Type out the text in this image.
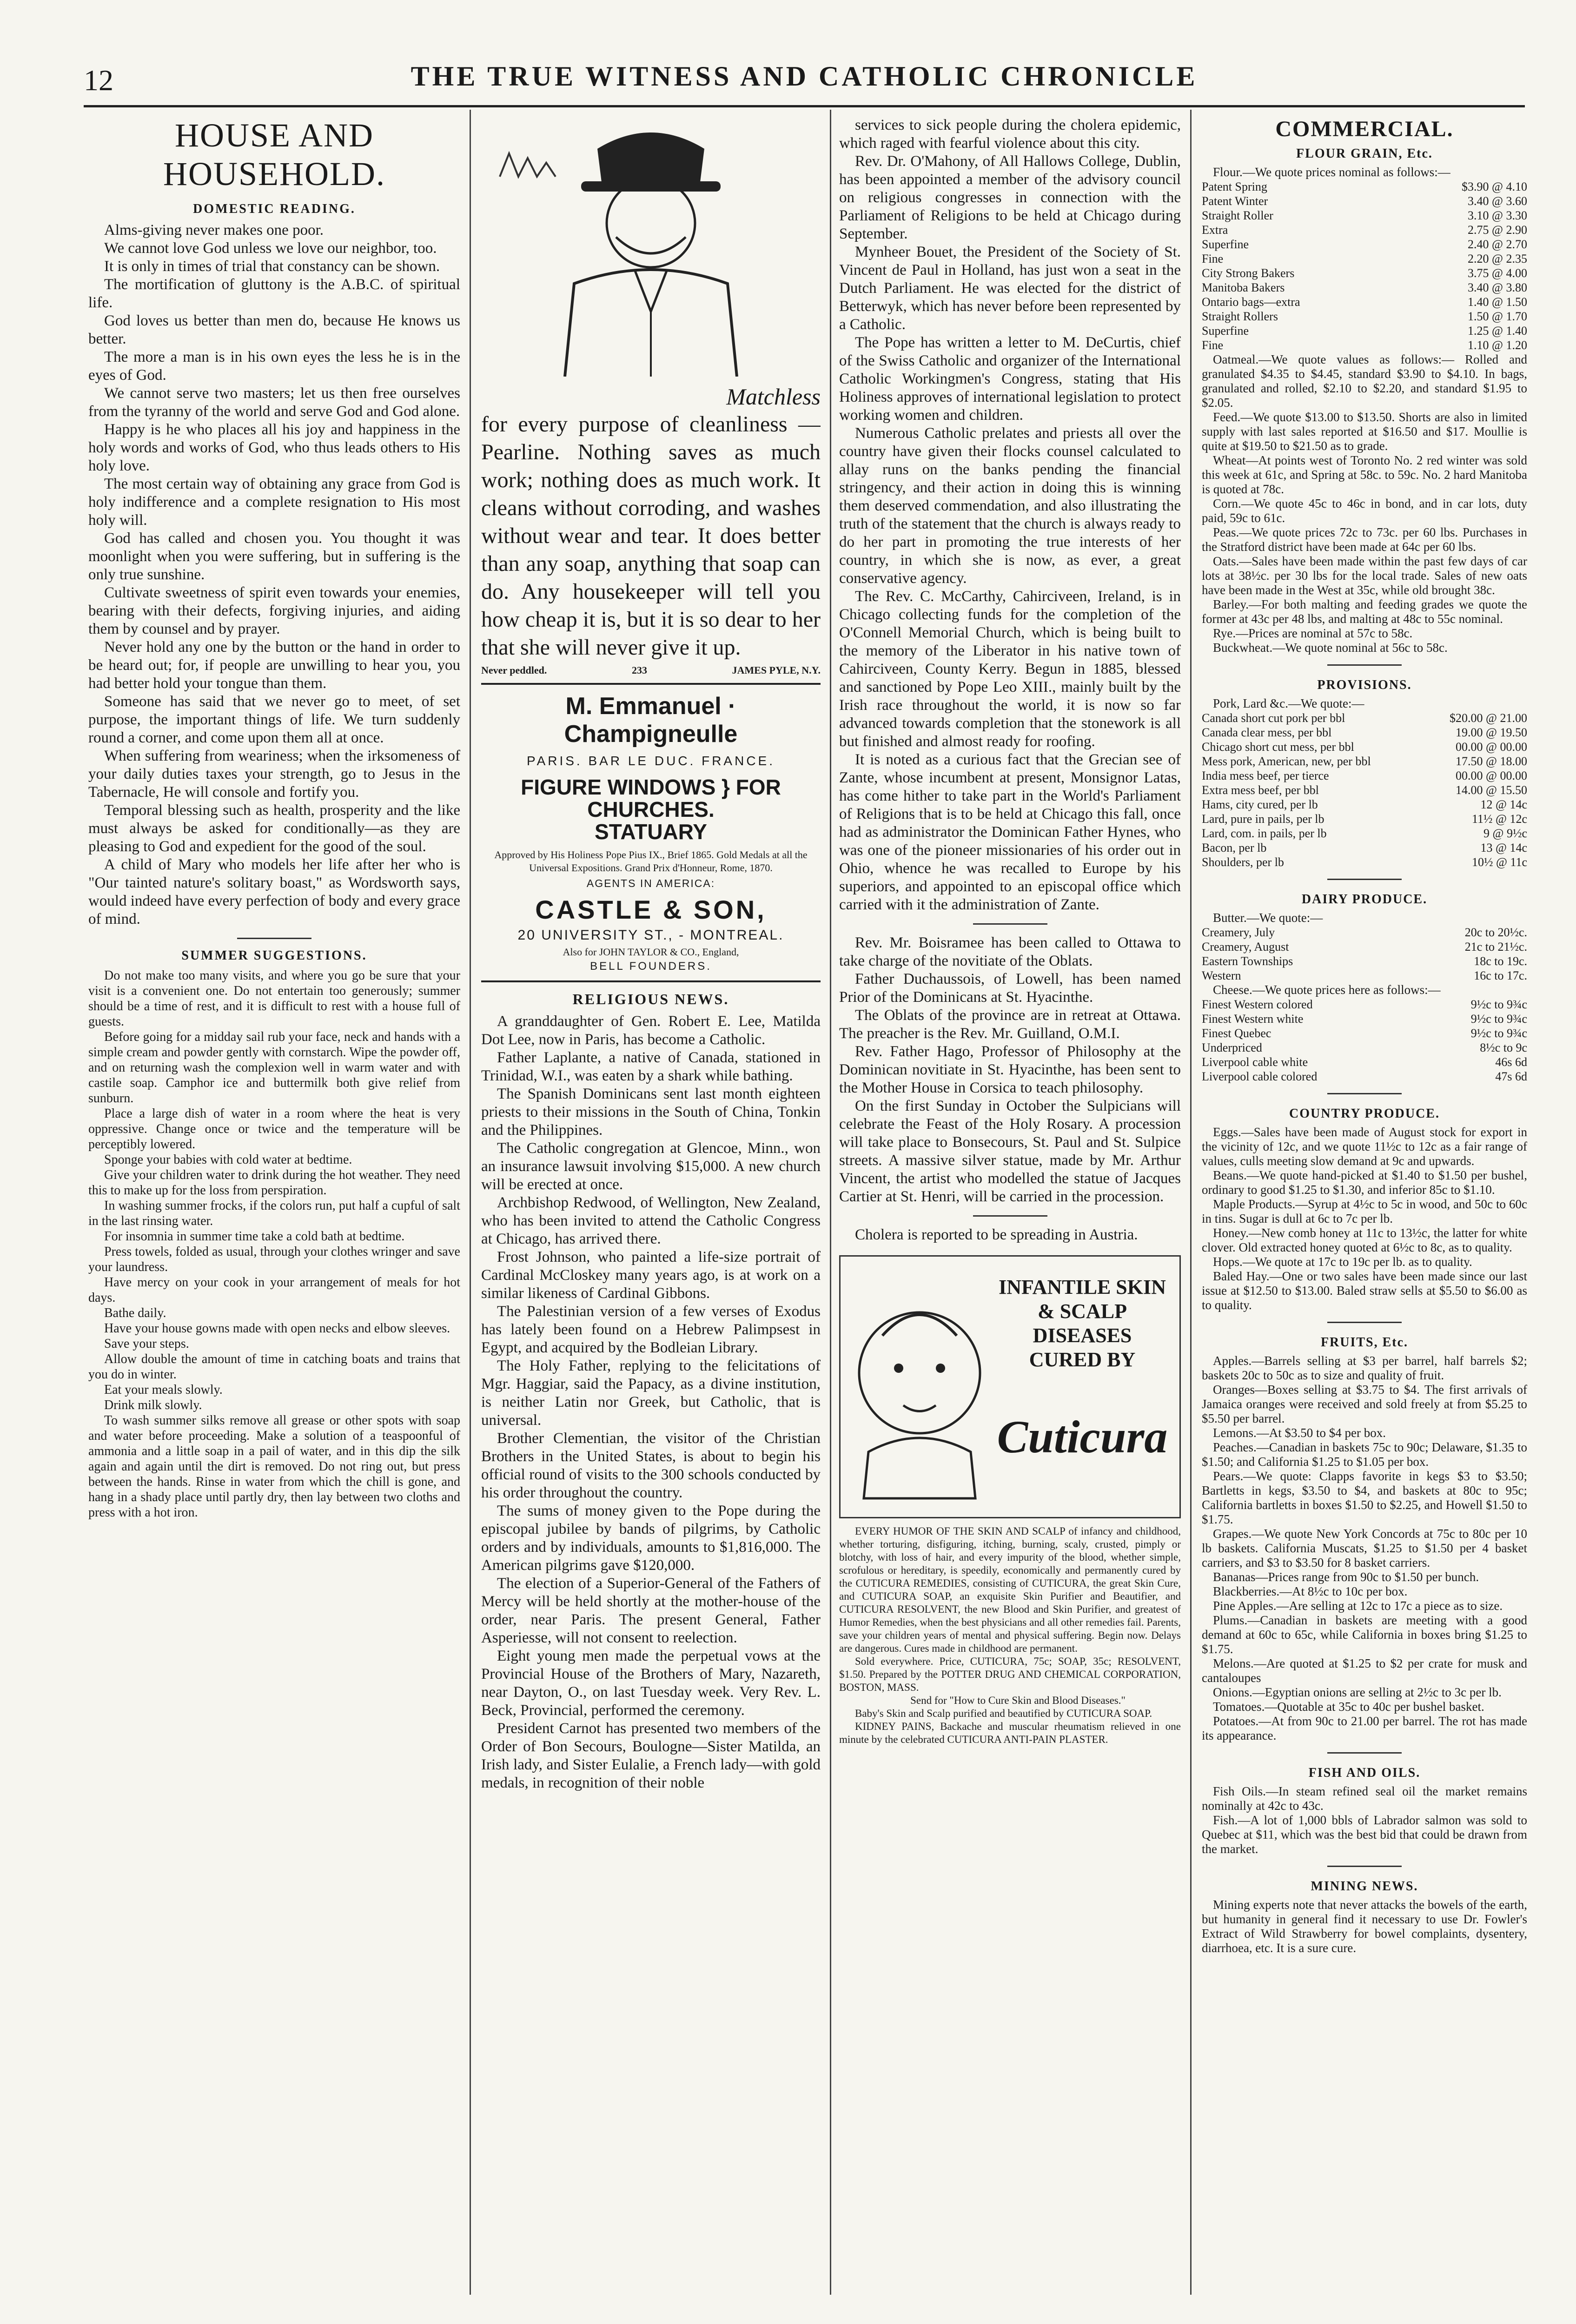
12	THE TRUE WITNESS AND CATHOLIC CHRONICLE
HOUSE AND HOUSEHOLD.
DOMESTIC READING.

Alms-giving never makes one poor.

We cannot love God unless we love our neighbor, too.

It is only in times of trial that constancy can be shown.

The mortification of gluttony is the A.B.C. of spiritual life.

God loves us better than men do, because He knows us better.

The more a man is in his own eyes the less he is in the eyes of God.

We cannot serve two masters; let us then free ourselves from the tyranny of the world and serve God and God alone.

Happy is he who places all his joy and happiness in the holy words and works of God, who thus leads others to His holy love.

The most certain way of obtaining any grace from God is holy indifference and a complete resignation to His most holy will.

God has called and chosen you. You thought it was moonlight when you were suffering, but in suffering is the only true sunshine.

Cultivate sweetness of spirit even towards your enemies, bearing with their defects, forgiving injuries, and aiding them by counsel and by prayer.

Never hold any one by the button or the hand in order to be heard out; for, if people are unwilling to hear you, you had better hold your tongue than them.

Someone has said that we never go to meet, of set purpose, the important things of life. We turn suddenly round a corner, and come upon them all at once.

When suffering from weariness; when the irksomeness of your daily duties taxes your strength, go to Jesus in the Tabernacle, He will console and fortify you.

Temporal blessing such as health, prosperity and the like must always be asked for conditionally—as they are pleasing to God and expedient for the good of the soul.

A child of Mary who models her life after her who is "Our tainted nature's solitary boast," as Wordsworth says, would indeed have every perfection of body and every grace of mind.

SUMMER SUGGESTIONS.

Do not make too many visits, and where you go be sure that your visit is a convenient one. Do not entertain too generously; summer should be a time of rest, and it is difficult to rest with a house full of guests.

Before going for a midday sail rub your face, neck and hands with a simple cream and powder gently with cornstarch. Wipe the powder off, and on returning wash the complexion well in warm water and with castile soap. Camphor ice and buttermilk both give relief from sunburn.

Place a large dish of water in a room where the heat is very oppressive. Change once or twice and the temperature will be perceptibly lowered.

Sponge your babies with cold water at bedtime.

Give your children water to drink during the hot weather. They need this to make up for the loss from perspiration.

In washing summer frocks, if the colors run, put half a cupful of salt in the last rinsing water.

For insomnia in summer time take a cold bath at bedtime.

Press towels, folded as usual, through your clothes wringer and save your laundress.

Have mercy on your cook in your arrangement of meals for hot days.

Bathe daily.

Have your house gowns made with open necks and elbow sleeves.

Save your steps.

Allow double the amount of time in catching boats and trains that you do in winter.

Eat your meals slowly.

Drink milk slowly.

To wash summer silks remove all grease or other spots with soap and water before proceeding. Make a solution of a teaspoonful of ammonia and a little soap in a pail of water, and in this dip the silk again and again until the dirt is removed. Do not ring out, but press between the hands. Rinse in water from which the chill is gone, and hang in a shady place until partly dry, then lay between two cloths and press with a hot iron.

Matchless

for every purpose of cleanliness — Pearline. Nothing saves as much work; nothing does as much work. It cleans without corroding, and washes without wear and tear. It does better than any soap, anything that soap can do. Any housekeeper will tell you how cheap it is, but it is so dear to her that she will never give it up.

Never peddled.	233	JAMES PYLE, N.Y.
M. Emmanuel · Champigneulle
PARIS. BAR LE DUC. FRANCE.
FIGURE WINDOWS } FOR CHURCHES.
STATUARY
Approved by His Holiness Pope Pius IX., Brief 1865. Gold Medals at all the Universal Expositions. Grand Prix d'Honneur, Rome, 1870.
AGENTS IN AMERICA:
CASTLE & SON,
20 UNIVERSITY ST., - MONTREAL.
Also for JOHN TAYLOR & CO., England,
BELL FOUNDERS.
RELIGIOUS NEWS.

A granddaughter of Gen. Robert E. Lee, Matilda Dot Lee, now in Paris, has become a Catholic.

Father Laplante, a native of Canada, stationed in Trinidad, W.I., was eaten by a shark while bathing.

The Spanish Dominicans sent last month eighteen priests to their missions in the South of China, Tonkin and the Philippines.

The Catholic congregation at Glencoe, Minn., won an insurance lawsuit involving $15,000. A new church will be erected at once.

Archbishop Redwood, of Wellington, New Zealand, who has been invited to attend the Catholic Congress at Chicago, has arrived there.

Frost Johnson, who painted a life-size portrait of Cardinal McCloskey many years ago, is at work on a similar likeness of Cardinal Gibbons.

The Palestinian version of a few verses of Exodus has lately been found on a Hebrew Palimpsest in Egypt, and acquired by the Bodleian Library.

The Holy Father, replying to the felicitations of Mgr. Haggiar, said the Papacy, as a divine institution, is neither Latin nor Greek, but Catholic, that is universal.

Brother Clementian, the visitor of the Christian Brothers in the United States, is about to begin his official round of visits to the 300 schools conducted by his order throughout the country.

The sums of money given to the Pope during the episcopal jubilee by bands of pilgrims, by Catholic orders and by individuals, amounts to $1,816,000. The American pilgrims gave $120,000.

The election of a Superior-General of the Fathers of Mercy will be held shortly at the mother-house of the order, near Paris. The present General, Father Asperiesse, will not consent to reelection.

Eight young men made the perpetual vows at the Provincial House of the Brothers of Mary, Nazareth, near Dayton, O., on last Tuesday week. Very Rev. L. Beck, Provincial, performed the ceremony.

President Carnot has presented two members of the Order of Bon Secours, Boulogne—Sister Matilda, an Irish lady, and Sister Eulalie, a French lady—with gold medals, in recognition of their noble

services to sick people during the cholera epidemic, which raged with fearful violence about this city.

Rev. Dr. O'Mahony, of All Hallows College, Dublin, has been appointed a member of the advisory council on religious congresses in connection with the Parliament of Religions to be held at Chicago during September.

Mynheer Bouet, the President of the Society of St. Vincent de Paul in Holland, has just won a seat in the Dutch Parliament. He was elected for the district of Betterwyk, which has never before been represented by a Catholic.

The Pope has written a letter to M. DeCurtis, chief of the Swiss Catholic and organizer of the International Catholic Workingmen's Congress, stating that His Holiness approves of international legislation to protect working women and children.

Numerous Catholic prelates and priests all over the country have given their flocks counsel calculated to allay runs on the banks pending the financial stringency, and their action in doing this is winning them deserved commendation, and also illustrating the truth of the statement that the church is always ready to do her part in promoting the true interests of her country, in which she is now, as ever, a great conservative agency.

The Rev. C. McCarthy, Cahirciveen, Ireland, is in Chicago collecting funds for the completion of the O'Connell Memorial Church, which is being built to the memory of the Liberator in his native town of Cahirciveen, County Kerry. Begun in 1885, blessed and sanctioned by Pope Leo XIII., mainly built by the Irish race throughout the world, it is now so far advanced towards completion that the stonework is all but finished and almost ready for roofing.

It is noted as a curious fact that the Grecian see of Zante, whose incumbent at present, Monsignor Latas, has come hither to take part in the World's Parliament of Religions that is to be held at Chicago this fall, once had as administrator the Dominican Father Hynes, who was one of the pioneer missionaries of his order out in Ohio, whence he was recalled to Europe by his superiors, and appointed to an episcopal office which carried with it the administration of Zante.

Rev. Mr. Boisramee has been called to Ottawa to take charge of the novitiate of the Oblats.

Father Duchaussois, of Lowell, has been named Prior of the Dominicans at St. Hyacinthe.

The Oblats of the province are in retreat at Ottawa. The preacher is the Rev. Mr. Guilland, O.M.I.

Rev. Father Hago, Professor of Philosophy at the Dominican novitiate in St. Hyacinthe, has been sent to the Mother House in Corsica to teach philosophy.

On the first Sunday in October the Sulpicians will celebrate the Feast of the Holy Rosary. A procession will take place to Bonsecours, St. Paul and St. Sulpice streets. A massive silver statue, made by Mr. Arthur Vincent, the artist who modelled the statue of Jacques Cartier at St. Henri, will be carried in the procession.

Cholera is reported to be spreading in Austria.

INFANTILE SKIN & SCALP DISEASES CURED BY
Cuticura

EVERY HUMOR OF THE SKIN AND SCALP of infancy and childhood, whether torturing, disfiguring, itching, burning, scaly, crusted, pimply or blotchy, with loss of hair, and every impurity of the blood, whether simple, scrofulous or hereditary, is speedily, economically and permanently cured by the CUTICURA REMEDIES, consisting of CUTICURA, the great Skin Cure, and CUTICURA SOAP, an exquisite Skin Purifier and Beautifier, and CUTICURA RESOLVENT, the new Blood and Skin Purifier, and greatest of Humor Remedies, when the best physicians and all other remedies fail. Parents, save your children years of mental and physical suffering. Begin now. Delays are dangerous. Cures made in childhood are permanent.

Sold everywhere. Price, CUTICURA, 75c; SOAP, 35c; RESOLVENT, $1.50. Prepared by the POTTER DRUG AND CHEMICAL CORPORATION, BOSTON, MASS.

Send for "How to Cure Skin and Blood Diseases."

Baby's Skin and Scalp purified and beautified by CUTICURA SOAP.

KIDNEY PAINS, Backache and muscular rheumatism relieved in one minute by the celebrated CUTICURA ANTI-PAIN PLASTER.

COMMERCIAL.
FLOUR GRAIN, Etc.

Flour.—We quote prices nominal as follows:—

Patent Spring	$3.90 @ 4.10
Patent Winter	3.40 @ 3.60
Straight Roller	3.10 @ 3.30
Extra	2.75 @ 2.90
Superfine	2.40 @ 2.70
Fine	2.20 @ 2.35
City Strong Bakers	3.75 @ 4.00
Manitoba Bakers	3.40 @ 3.80
Ontario bags—extra	1.40 @ 1.50
Straight Rollers	1.50 @ 1.70
Superfine	1.25 @ 1.40
Fine	1.10 @ 1.20

Oatmeal.—We quote values as follows:— Rolled and granulated $4.35 to $4.45, standard $3.90 to $4.10. In bags, granulated and rolled, $2.10 to $2.20, and standard $1.95 to $2.05.

Feed.—We quote $13.00 to $13.50. Shorts are also in limited supply with last sales reported at $16.50 and $17. Moullie is quite at $19.50 to $21.50 as to grade.

Wheat—At points west of Toronto No. 2 red winter was sold this week at 61c, and Spring at 58c. to 59c. No. 2 hard Manitoba is quoted at 78c.

Corn.—We quote 45c to 46c in bond, and in car lots, duty paid, 59c to 61c.

Peas.—We quote prices 72c to 73c. per 60 lbs. Purchases in the Stratford district have been made at 64c per 60 lbs.

Oats.—Sales have been made within the past few days of car lots at 38½c. per 30 lbs for the local trade. Sales of new oats have been made in the West at 35c, while old brought 38c.

Barley.—For both malting and feeding grades we quote the former at 43c per 48 lbs, and malting at 48c to 55c nominal.

Rye.—Prices are nominal at 57c to 58c.

Buckwheat.—We quote nominal at 56c to 58c.

PROVISIONS.

Pork, Lard &c.—We quote:—

Canada short cut pork per bbl	$20.00 @ 21.00
Canada clear mess, per bbl	19.00 @ 19.50
Chicago short cut mess, per bbl	00.00 @ 00.00
Mess pork, American, new, per bbl	17.50 @ 18.00
India mess beef, per tierce	00.00 @ 00.00
Extra mess beef, per bbl	14.00 @ 15.50
Hams, city cured, per lb	12 @ 14c
Lard, pure in pails, per lb	11½ @ 12c
Lard, com. in pails, per lb	9 @ 9½c
Bacon, per lb	13 @ 14c
Shoulders, per lb	10½ @ 11c
DAIRY PRODUCE.

Butter.—We quote:—

Creamery, July	20c to 20½c.
Creamery, August	21c to 21½c.
Eastern Townships	18c to 19c.
Western	16c to 17c.

Cheese.—We quote prices here as follows:—

Finest Western colored	9½c to 9¾c
Finest Western white	9½c to 9¾c
Finest Quebec	9½c to 9¾c
Underpriced	8½c to 9c
Liverpool cable white	46s 6d
Liverpool cable colored	47s 6d
COUNTRY PRODUCE.

Eggs.—Sales have been made of August stock for export in the vicinity of 12c, and we quote 11½c to 12c as a fair range of values, culls meeting slow demand at 9c and upwards.

Beans.—We quote hand-picked at $1.40 to $1.50 per bushel, ordinary to good $1.25 to $1.30, and inferior 85c to $1.10.

Maple Products.—Syrup at 4½c to 5c in wood, and 50c to 60c in tins. Sugar is dull at 6c to 7c per lb.

Honey.—New comb honey at 11c to 13½c, the latter for white clover. Old extracted honey quoted at 6½c to 8c, as to quality.

Hops.—We quote at 17c to 19c per lb. as to quality.

Baled Hay.—One or two sales have been made since our last issue at $12.50 to $13.00. Baled straw sells at $5.50 to $6.00 as to quality.

FRUITS, Etc.

Apples.—Barrels selling at $3 per barrel, half barrels $2; baskets 20c to 50c as to size and quality of fruit.

Oranges—Boxes selling at $3.75 to $4. The first arrivals of Jamaica oranges were received and sold freely at from $5.25 to $5.50 per barrel.

Lemons.—At $3.50 to $4 per box.

Peaches.—Canadian in baskets 75c to 90c; Delaware, $1.35 to $1.50; and California $1.25 to $1.05 per box.

Pears.—We quote: Clapps favorite in kegs $3 to $3.50; Bartletts in kegs, $3.50 to $4, and baskets at 80c to 95c; California bartletts in boxes $1.50 to $2.25, and Howell $1.50 to $1.75.

Grapes.—We quote New York Concords at 75c to 80c per 10 lb baskets. California Muscats, $1.25 to $1.50 per 4 basket carriers, and $3 to $3.50 for 8 basket carriers.

Bananas—Prices range from 90c to $1.50 per bunch.

Blackberries.—At 8½c to 10c per box.

Pine Apples.—Are selling at 12c to 17c a piece as to size.

Plums.—Canadian in baskets are meeting with a good demand at 60c to 65c, while California in boxes bring $1.25 to $1.75.

Melons.—Are quoted at $1.25 to $2 per crate for musk and cantaloupes

Onions.—Egyptian onions are selling at 2½c to 3c per lb.

Tomatoes.—Quotable at 35c to 40c per bushel basket.

Potatoes.—At from 90c to 21.00 per barrel. The rot has made its appearance.

FISH AND OILS.

Fish Oils.—In steam refined seal oil the market remains nominally at 42c to 43c.

Fish.—A lot of 1,000 bbls of Labrador salmon was sold to Quebec at $11, which was the best bid that could be drawn from the market.

MINING NEWS.

Mining experts note that never attacks the bowels of the earth, but humanity in general find it necessary to use Dr. Fowler's Extract of Wild Strawberry for bowel complaints, dysentery, diarrhoea, etc. It is a sure cure.
